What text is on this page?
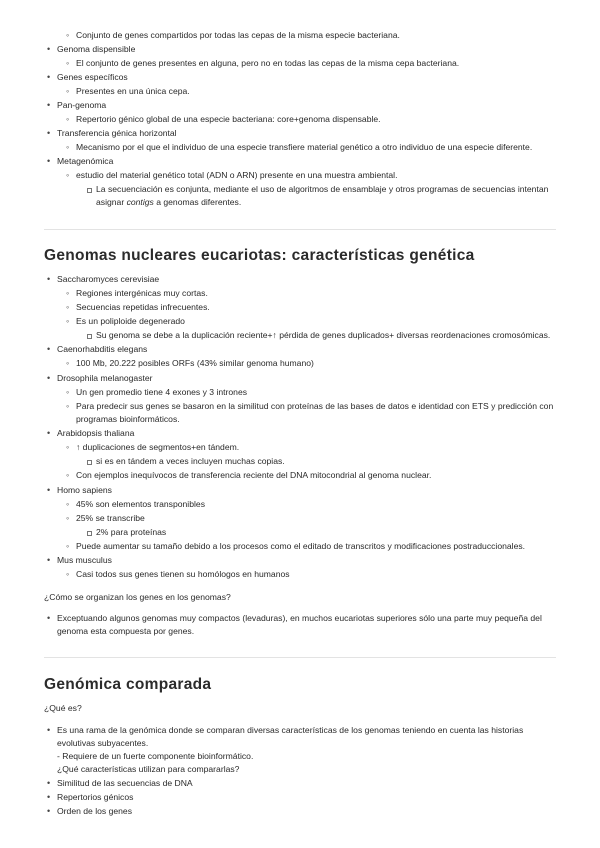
◦ Conjunto de genes compartidos por todas las cepas de la misma especie bacteriana.
• Genoma dispensible
◦ El conjunto de genes presentes en alguna, pero no en todas las cepas de la misma cepa bacteriana.
• Genes específicos
◦ Presentes en una única cepa.
• Pan-genoma
◦ Repertorio génico global de una especie bacteriana: core+genoma dispensable.
• Transferencia génica horizontal
◦ Mecanismo por el que el individuo de una especie transfiere material genético a otro individuo de una especie diferente.
• Metagenómica
◦ estudio del material genético total (ADN o ARN) presente en una muestra ambiental.
La secuenciación es conjunta, mediante el uso de algoritmos de ensamblaje y otros programas de secuencias intentan
asignar contigs a genomas diferentes.
Genomas nucleares eucariotas: características genética
• Saccharomyces cerevisiae
◦ Regiones intergénicas muy cortas.
◦ Secuencias repetidas infrecuentes.
◦ Es un poliploide degenerado
Su genoma se debe a la duplicación reciente+↑ pérdida de genes duplicados+ diversas reordenaciones cromosómicas.
• Caenorhabditis elegans
◦ 100 Mb, 20.222 posibles ORFs (43% similar genoma humano)
• Drosophila melanogaster
◦ Un gen promedio tiene 4 exones y 3 intrones
◦ Para predecir sus genes se basaron en la similitud con proteínas de las bases de datos e identidad con ETS y predicción con
programas bioinformáticos.
• Arabidopsis thaliana
◦ ↑ duplicaciones de segmentos+en tándem.
si es en tándem a veces incluyen muchas copias.
◦ Con ejemplos inequívocos de transferencia reciente del DNA mitocondrial al genoma nuclear.
• Homo sapiens
◦ 45% son elementos transponibles
◦ 25% se transcribe
2% para proteínas
◦ Puede aumentar su tamaño debido a los procesos como el editado de transcritos y modificaciones postraduccionales.
• Mus musculus
◦ Casi todos sus genes tienen su homólogos en humanos
¿Cómo se organizan los genes en los genomas?
• Exceptuando algunos genomas muy compactos (levaduras), en muchos eucariotas superiores sólo una parte muy pequeña del
genoma esta compuesta por genes.
Genómica comparada
¿Qué es?
• Es una rama de la genómica donde se comparan diversas características de los genomas teniendo en cuenta las historias
evolutivas subyacentes.
- Requiere de un fuerte componente bioinformático.
¿Qué características utilizan para compararlas?
• Similitud de las secuencias de DNA
• Repertorios génicos
• Orden de los genes
